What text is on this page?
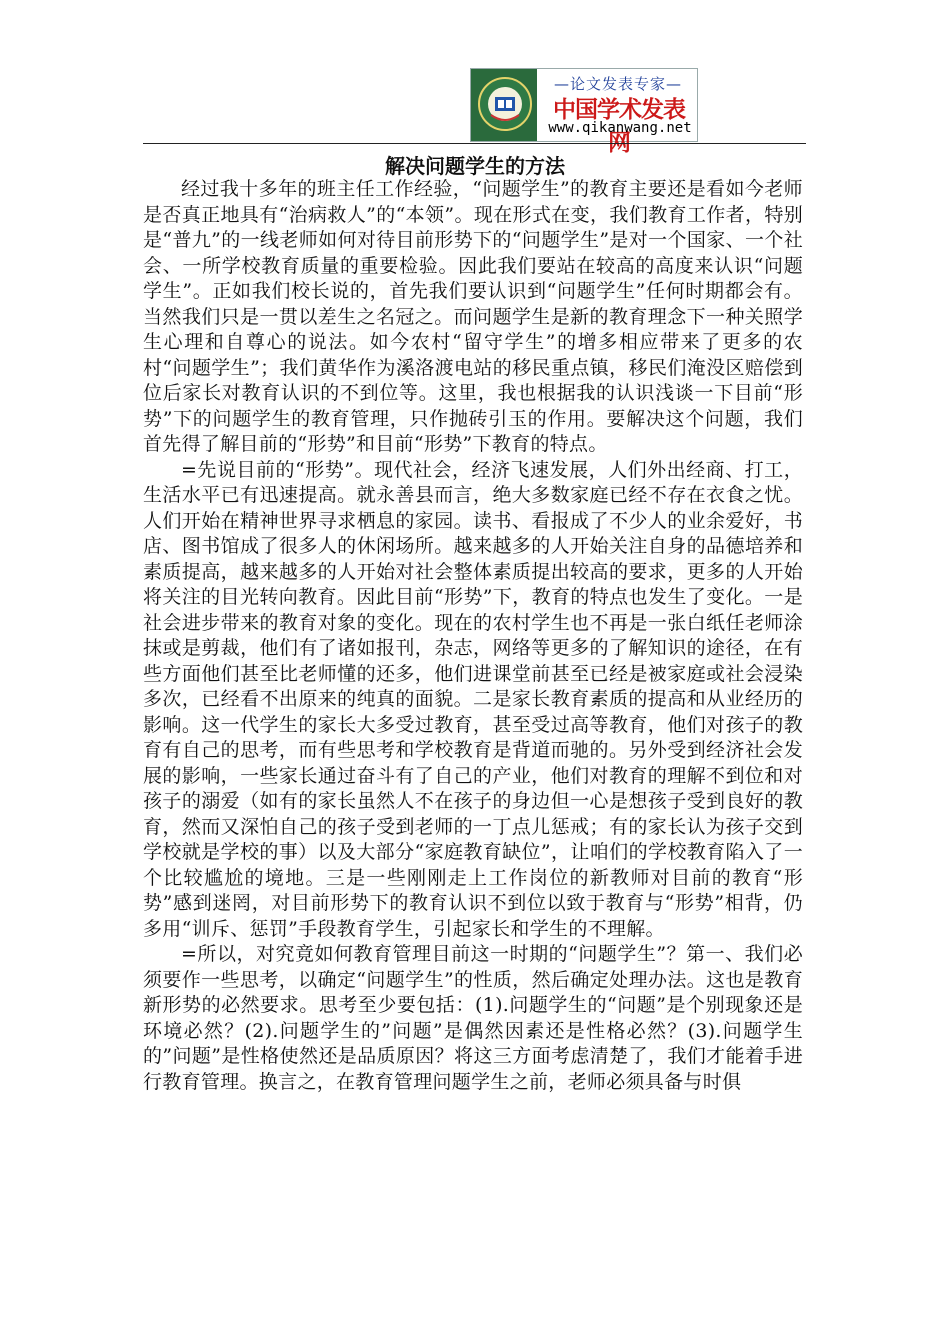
—论文发表专家—
中国学术发表网
www.qikanwang.net
解决问题学生的方法

经过我十多年的班主任工作经验，“问题学生”的教育主要还是看如今老师是否真正地具有“治病救人”的“本领”。现在形式在变，我们教育工作者，特别是“普九”的一线老师如何对待目前形势下的“问题学生”是对一个国家、一个社会、一所学校教育质量的重要检验。因此我们要站在较高的高度来认识“问题学生”。正如我们校长说的，首先我们要认识到“问题学生”任何时期都会有。当然我们只是一贯以差生之名冠之。而问题学生是新的教育理念下一种关照学生心理和自尊心的说法。如今农村“留守学生”的增多相应带来了更多的农村“问题学生”；我们黄华作为溪洛渡电站的移民重点镇，移民们淹没区赔偿到位后家长对教育认识的不到位等。这里，我也根据我的认识浅谈一下目前“形势”下的问题学生的教育管理，只作抛砖引玉的作用。要解决这个问题，我们首先得了解目前的“形势”和目前“形势”下教育的特点。

=先说目前的“形势”。现代社会，经济飞速发展，人们外出经商、打工，生活水平已有迅速提高。就永善县而言，绝大多数家庭已经不存在衣食之忧。人们开始在精神世界寻求栖息的家园。读书、看报成了不少人的业余爱好，书店、图书馆成了很多人的休闲场所。越来越多的人开始关注自身的品德培养和素质提高，越来越多的人开始对社会整体素质提出较高的要求，更多的人开始将关注的目光转向教育。因此目前“形势”下，教育的特点也发生了变化。一是社会进步带来的教育对象的变化。现在的农村学生也不再是一张白纸任老师涂抹或是剪裁，他们有了诸如报刊，杂志，网络等更多的了解知识的途径，在有些方面他们甚至比老师懂的还多，他们进课堂前甚至已经是被家庭或社会浸染多次，已经看不出原来的纯真的面貌。二是家长教育素质的提高和从业经历的影响。这一代学生的家长大多受过教育，甚至受过高等教育，他们对孩子的教育有自己的思考，而有些思考和学校教育是背道而驰的。另外受到经济社会发展的影响，一些家长通过奋斗有了自己的产业，他们对教育的理解不到位和对孩子的溺爱（如有的家长虽然人不在孩子的身边但一心是想孩子受到良好的教育，然而又深怕自己的孩子受到老师的一丁点儿惩戒；有的家长认为孩子交到学校就是学校的事）以及大部分“家庭教育缺位”，让咱们的学校教育陷入了一个比较尴尬的境地。三是一些刚刚走上工作岗位的新教师对目前的教育“形势”感到迷罔，对目前形势下的教育认识不到位以致于教育与“形势”相背，仍多用“训斥、惩罚”手段教育学生，引起家长和学生的不理解。

=所以，对究竟如何教育管理目前这一时期的“问题学生”？第一、我们必须要作一些思考，以确定“问题学生”的性质，然后确定处理办法。这也是教育新形势的必然要求。思考至少要包括：(1).问题学生的“问题”是个别现象还是环境必然？(2).问题学生的”问题”是偶然因素还是性格必然？(3).问题学生的”问题”是性格使然还是品质原因？将这三方面考虑清楚了，我们才能着手进行教育管理。换言之，在教育管理问题学生之前，老师必须具备与时俱
